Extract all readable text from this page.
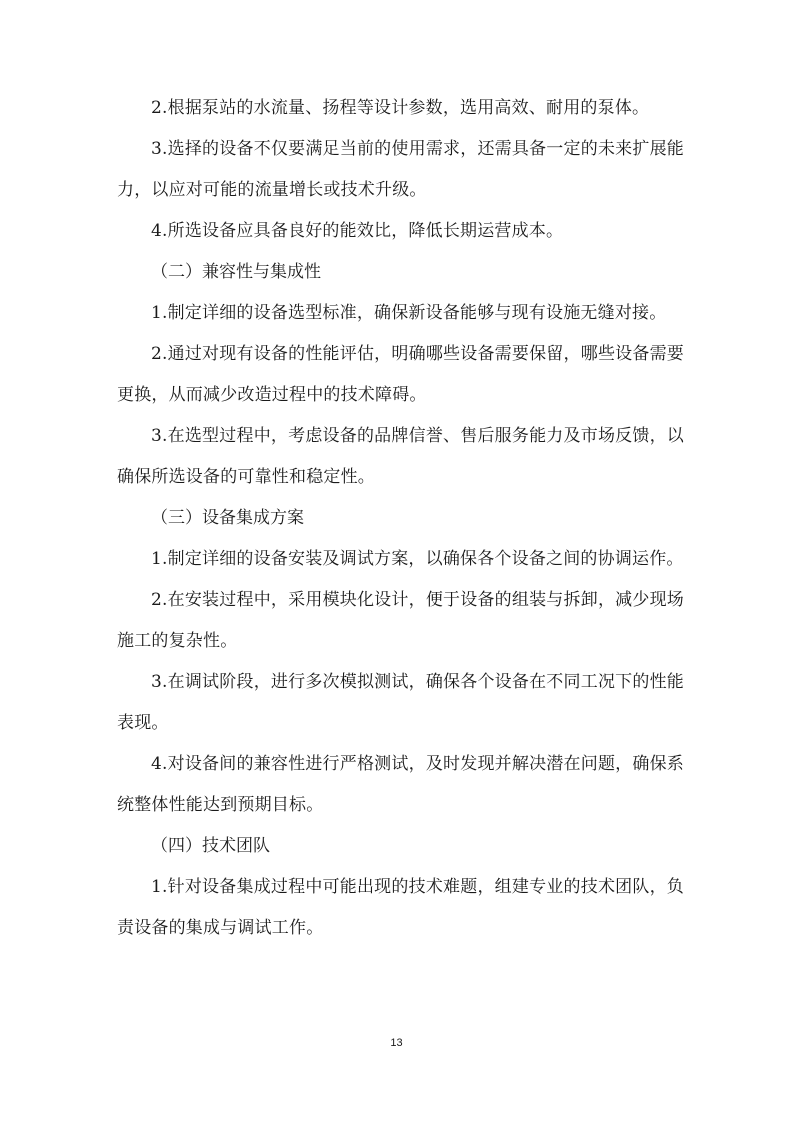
2.根据泵站的水流量、扬程等设计参数，选用高效、耐用的泵体。

3.选择的设备不仅要满足当前的使用需求，还需具备一定的未来扩展能力，以应对可能的流量增长或技术升级。

4.所选设备应具备良好的能效比，降低长期运营成本。

（二）兼容性与集成性

1.制定详细的设备选型标准，确保新设备能够与现有设施无缝对接。

2.通过对现有设备的性能评估，明确哪些设备需要保留，哪些设备需要更换，从而减少改造过程中的技术障碍。

3.在选型过程中，考虑设备的品牌信誉、售后服务能力及市场反馈，以确保所选设备的可靠性和稳定性。

（三）设备集成方案

1.制定详细的设备安装及调试方案，以确保各个设备之间的协调运作。

2.在安装过程中，采用模块化设计，便于设备的组装与拆卸，减少现场施工的复杂性。

3.在调试阶段，进行多次模拟测试，确保各个设备在不同工况下的性能表现。

4.对设备间的兼容性进行严格测试，及时发现并解决潜在问题，确保系统整体性能达到预期目标。

（四）技术团队

1.针对设备集成过程中可能出现的技术难题，组建专业的技术团队，负责设备的集成与调试工作。

13
